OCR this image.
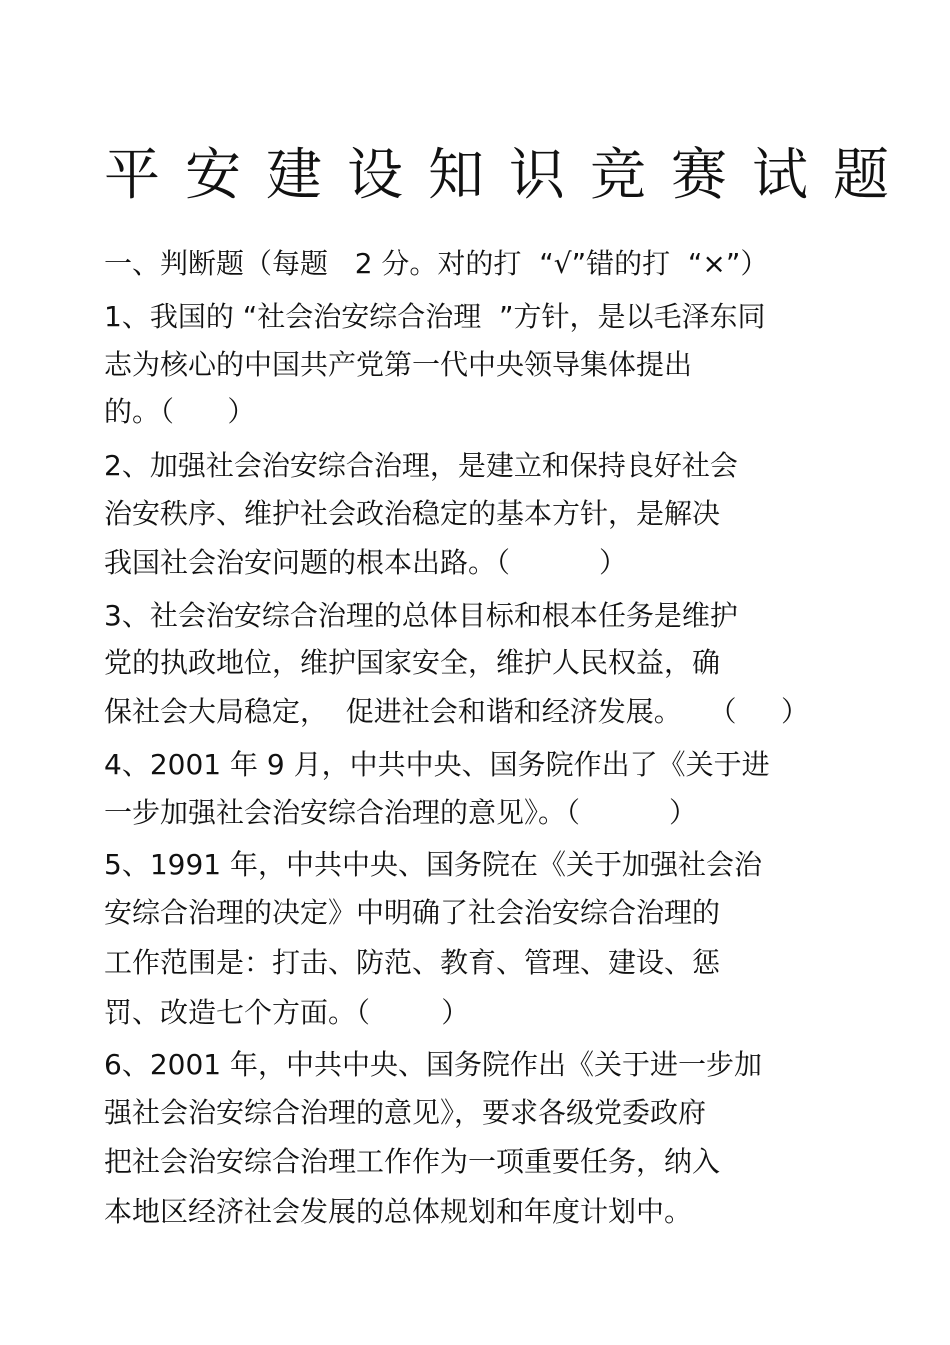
平安建设知识竞赛试题
一、判断题（每题   2 分。对的打  “√”错的打  “×”）
1、我国的 “社会治安综合治理  ”方针，是以毛泽东同
志为核心的中国共产党第一代中央领导集体提出
的。（      ）
2、加强社会治安综合治理，是建立和保持良好社会
治安秩序、维护社会政治稳定的基本方针，是解决
我国社会治安问题的根本出路。（          ）
3、社会治安综合治理的总体目标和根本任务是维护
党的执政地位，维护国家安全，维护人民权益，确
保社会大局稳定，  促进社会和谐和经济发展。   （     ）
4、2001 年 9 月，中共中央、国务院作出了《关于进
一步加强社会治安综合治理的意见》。（          ）
5、1991 年，中共中央、国务院在《关于加强社会治
安综合治理的决定》中明确了社会治安综合治理的
工作范围是：打击、防范、教育、管理、建设、惩
罚、改造七个方面。（        ）
6、2001 年，中共中央、国务院作出《关于进一步加
强社会治安综合治理的意见》，要求各级党委政府
把社会治安综合治理工作作为一项重要任务，纳入
本地区经济社会发展的总体规划和年度计划中。
